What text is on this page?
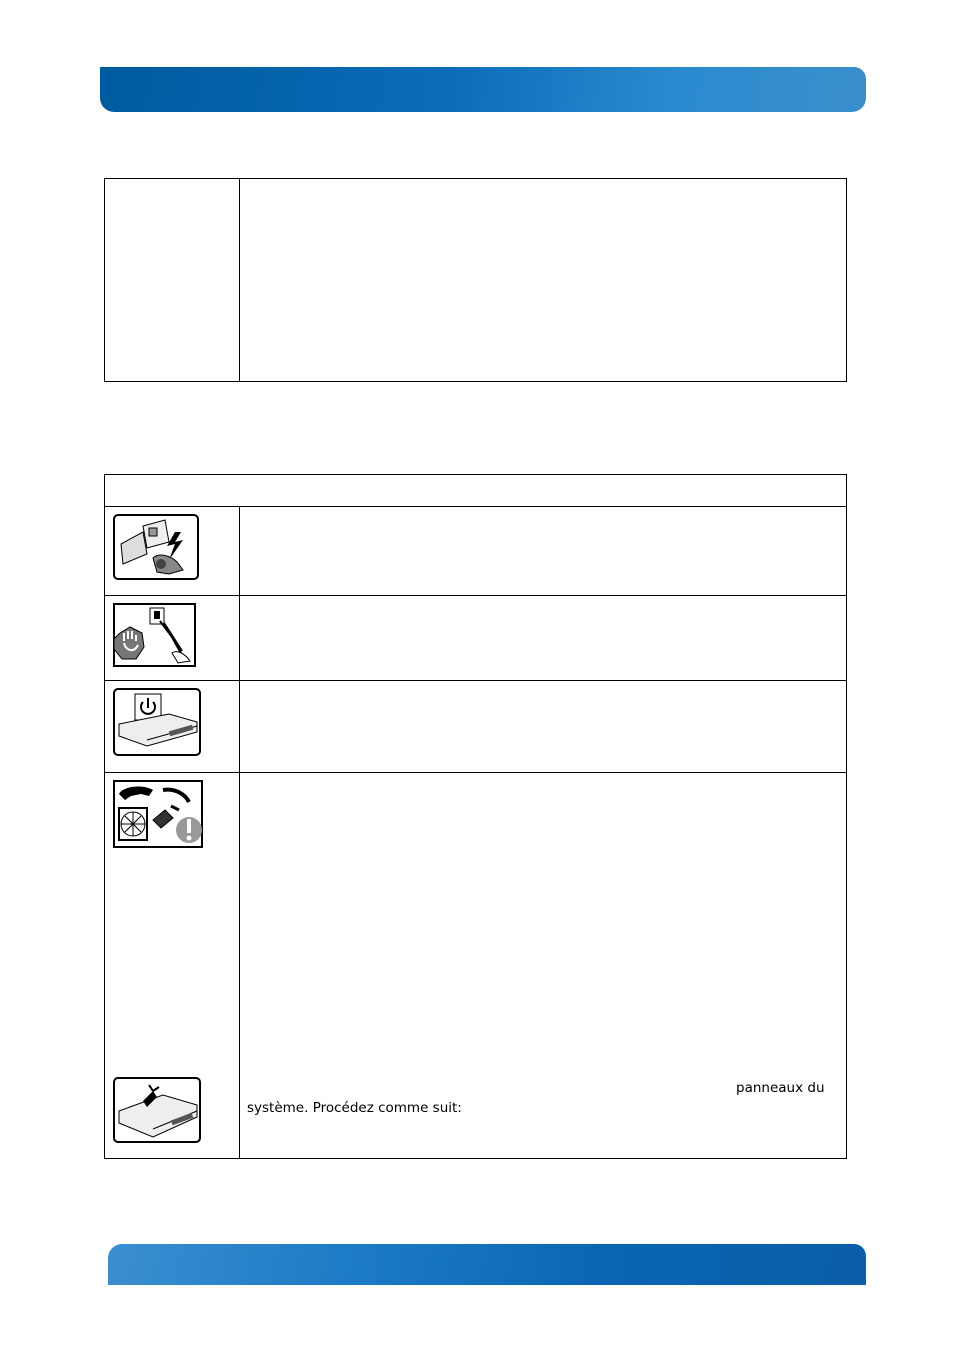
panneaux du
système. Procédez comme suit:
